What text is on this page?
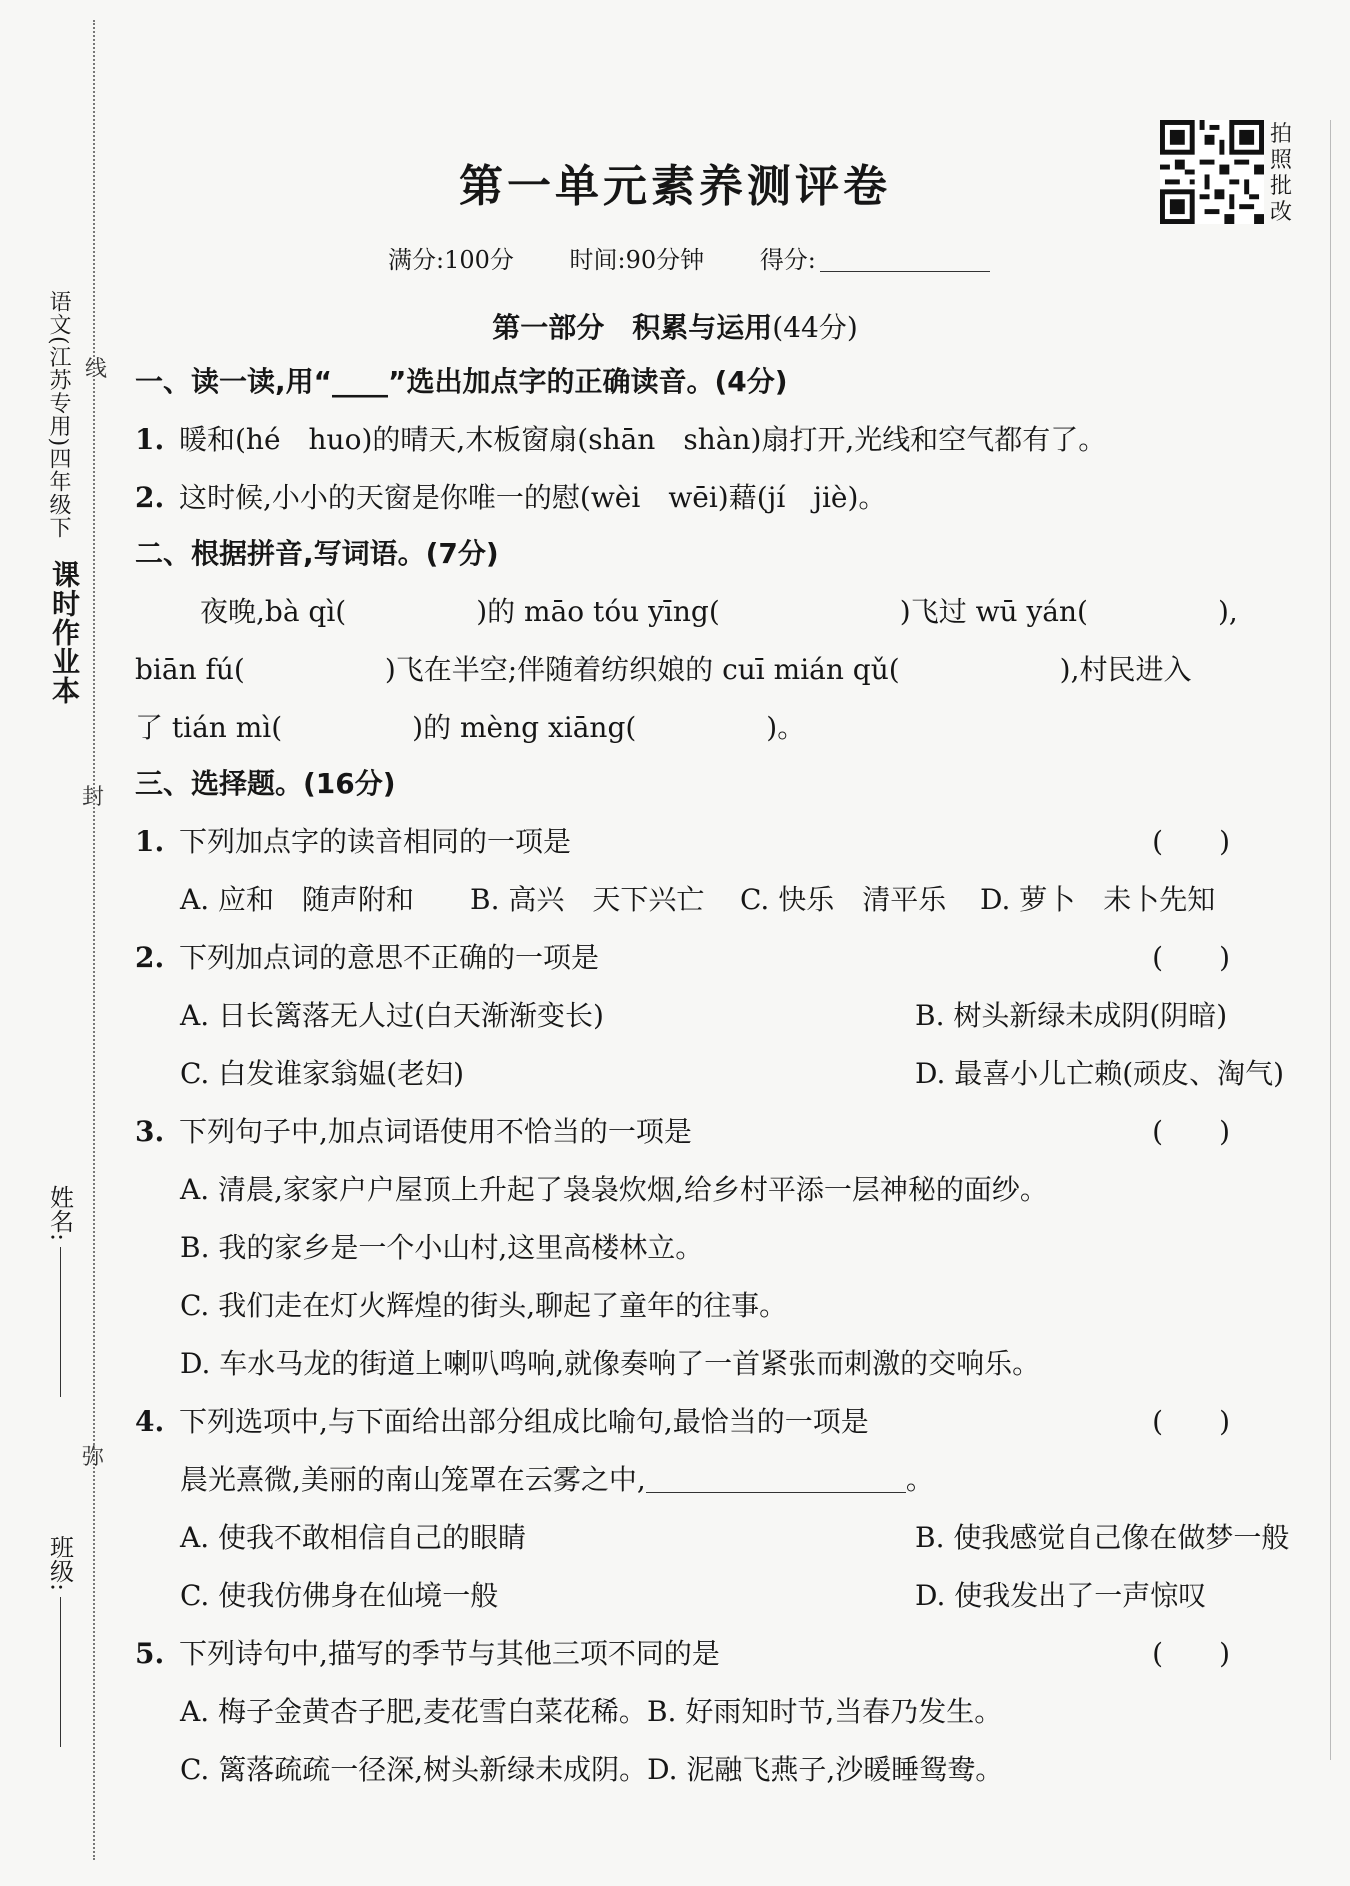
课时作业本
语文(江苏专用)四年级下 线
封
弥
姓名:
班级:
拍照批改
第一单元素养测评卷
满分:100分 时间:90分钟 得分:
第一部分　积累与运用(44分)
一、读一读,用“____”选出加点字的正确读音。(4分)
1. 暖和(hé　huo)的晴天,木板窗扇(shān　shàn)扇打开,光线和空气都有了。
2. 这时候,小小的天窗是你唯一的慰(wèi　wēi)藉(jí　jiè)。
二、根据拼音,写词语。(7分)
夜晚,bà qì(	)的 māo tóu yīng(	)飞过 wū yán(	),
biān fú(	)飞在半空;伴随着纺织娘的 cuī mián qǔ(	),村民进入
了 tián mì(	)的 mèng xiāng(	)。
三、选择题。(16分)
1. 下列加点字的读音相同的一项是	(　　)
A. 应和　随声附和 B. 高兴　天下兴亡 C. 快乐　清平乐 D. 萝卜　未卜先知
2. 下列加点词的意思不正确的一项是	(　　)
A. 日长篱落无人过(白天渐渐变长)	B. 树头新绿未成阴(阴暗)
C. 白发谁家翁媪(老妇)	D. 最喜小儿亡赖(顽皮、淘气)
3. 下列句子中,加点词语使用不恰当的一项是	(　　)
A. 清晨,家家户户屋顶上升起了袅袅炊烟,给乡村平添一层神秘的面纱。
B. 我的家乡是一个小山村,这里高楼林立。
C. 我们走在灯火辉煌的街头,聊起了童年的往事。
D. 车水马龙的街道上喇叭鸣响,就像奏响了一首紧张而刺激的交响乐。
4. 下列选项中,与下面给出部分组成比喻句,最恰当的一项是	(　　)
晨光熹微,美丽的南山笼罩在云雾之中,	。
A. 使我不敢相信自己的眼睛	B. 使我感觉自己像在做梦一般
C. 使我仿佛身在仙境一般	D. 使我发出了一声惊叹
5. 下列诗句中,描写的季节与其他三项不同的是	(　　)
A. 梅子金黄杏子肥,麦花雪白菜花稀。B. 好雨知时节,当春乃发生。
C. 篱落疏疏一径深,树头新绿未成阴。D. 泥融飞燕子,沙暖睡鸳鸯。
